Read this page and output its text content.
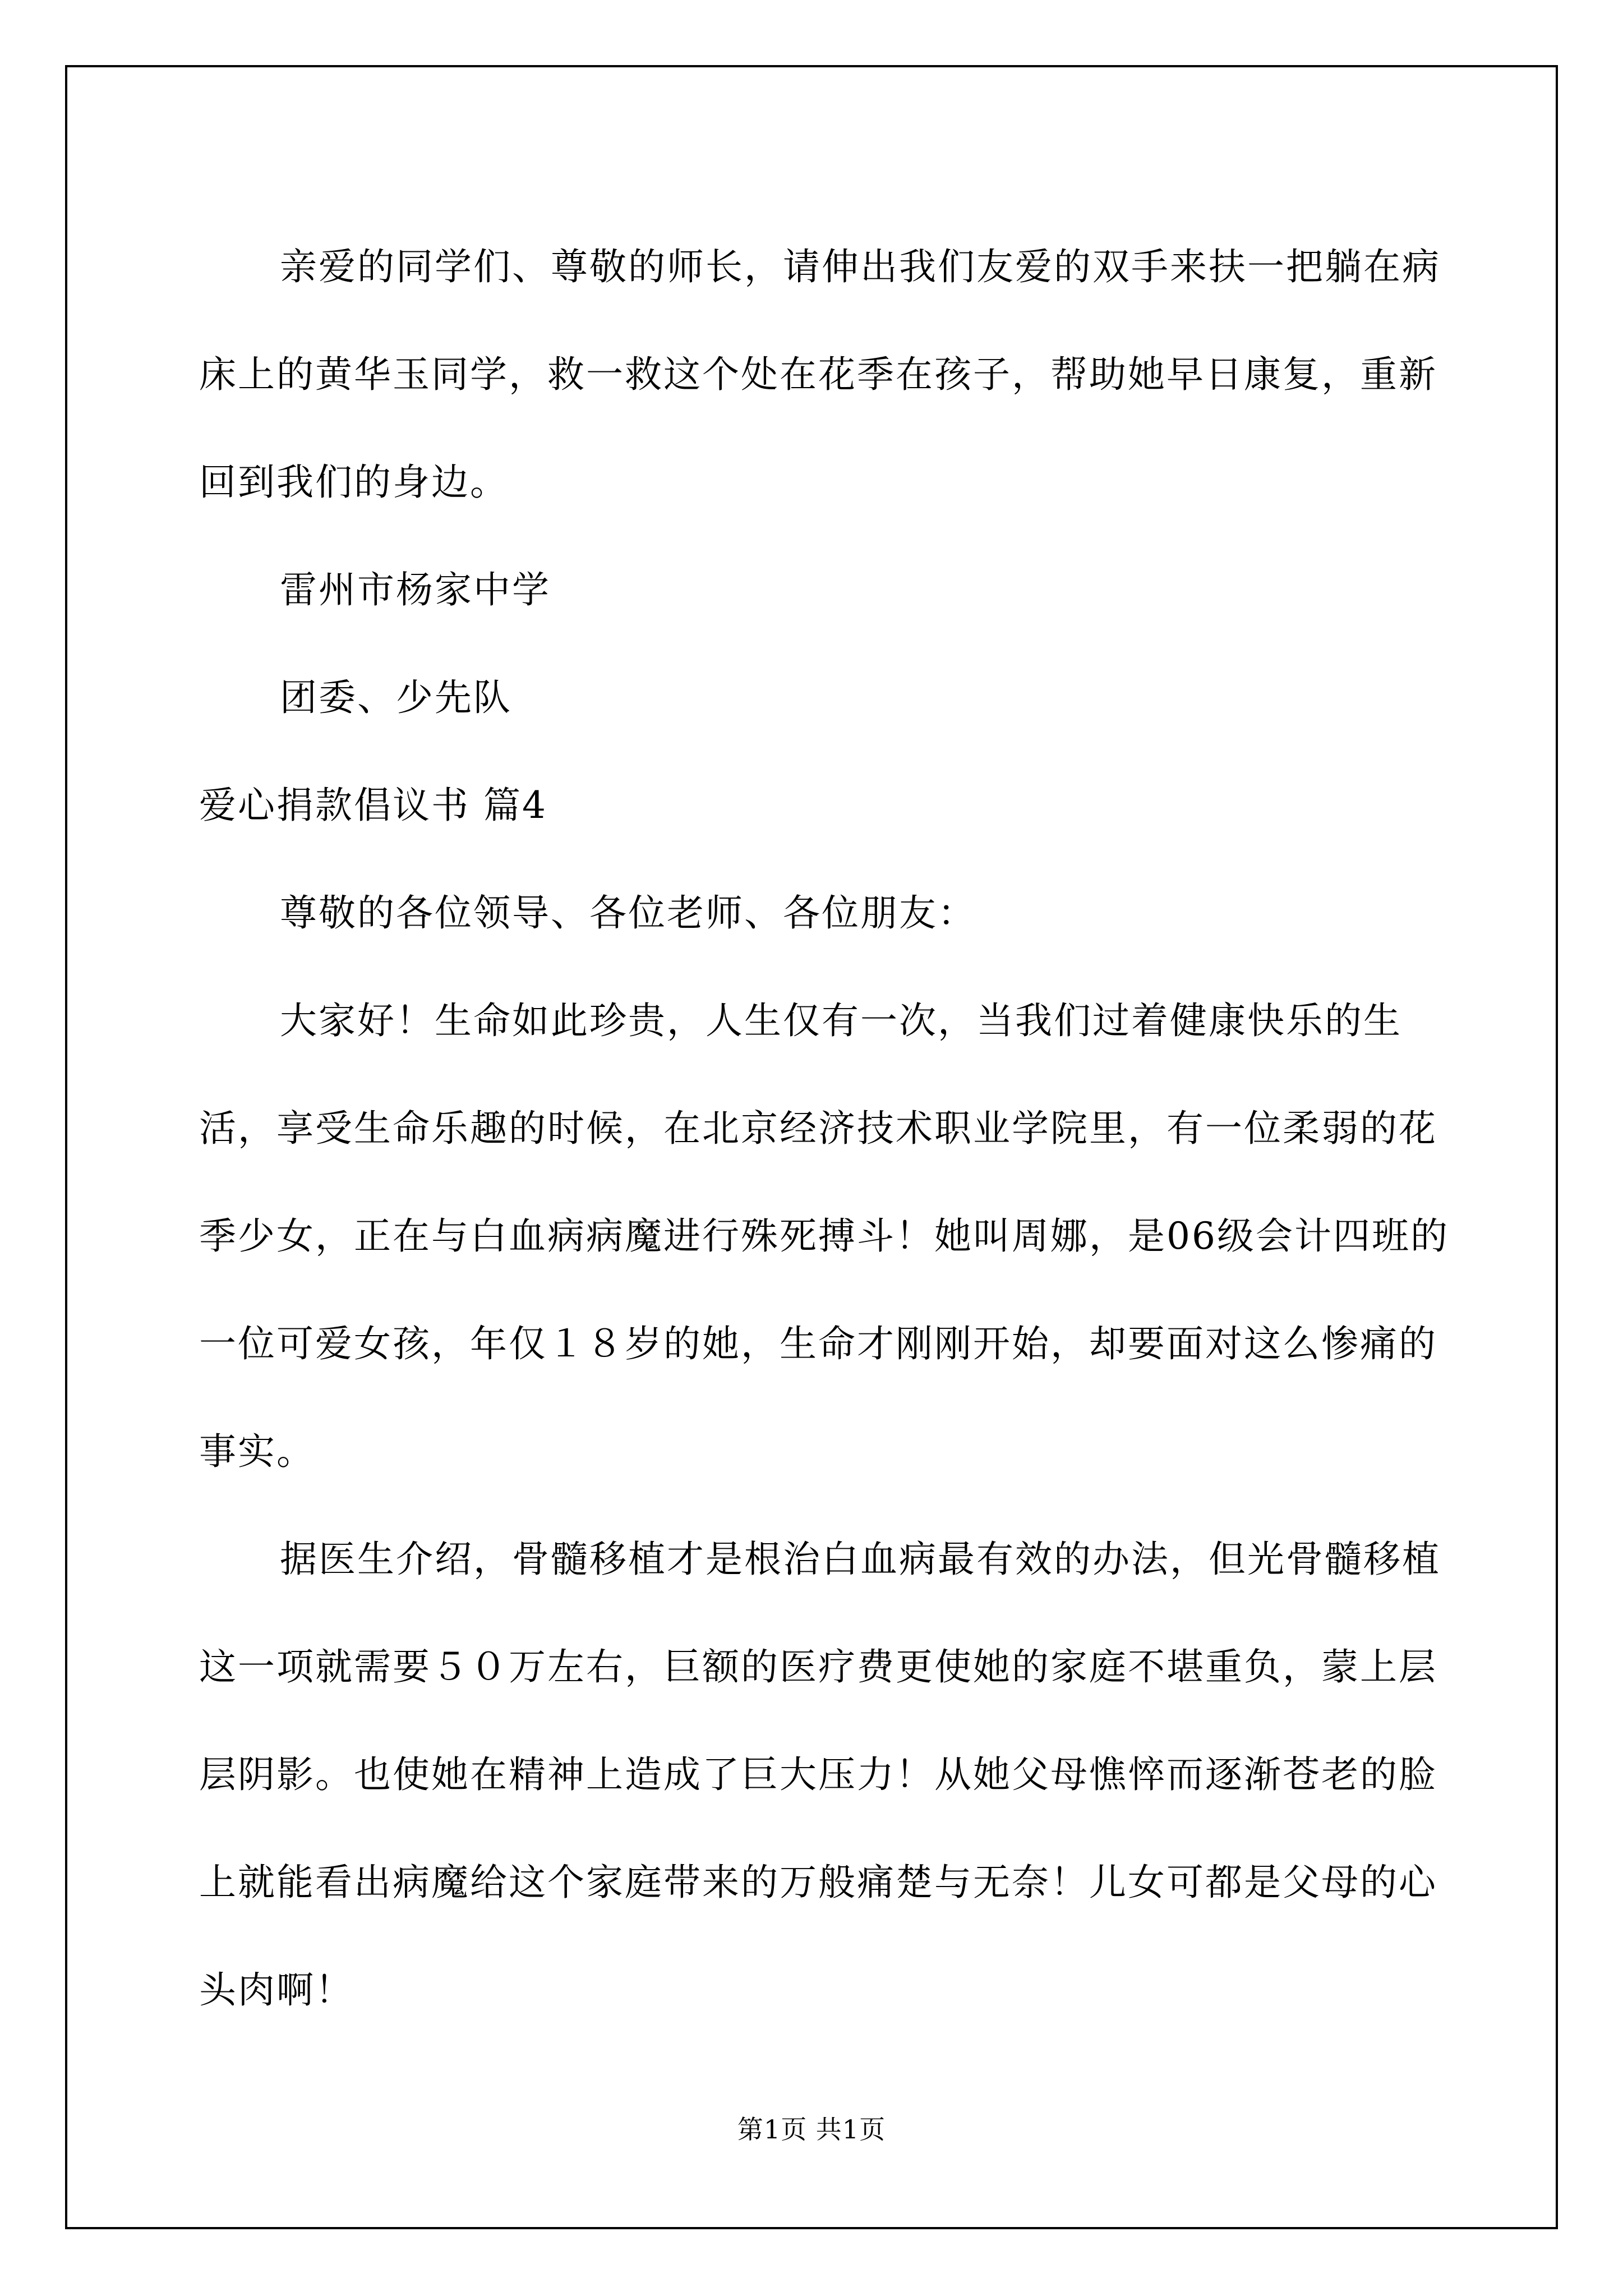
亲爱的同学们、尊敬的师长，请伸出我们友爱的双手来扶一把躺在病床上的黄华玉同学，救一救这个处在花季在孩子，帮助她早日康复，重新回到我们的身边。

雷州市杨家中学

团委、少先队

爱心捐款倡议书 篇4

尊敬的各位领导、各位老师、各位朋友：

大家好！生命如此珍贵，人生仅有一次，当我们过着健康快乐的生活，享受生命乐趣的时候，在北京经济技术职业学院里，有一位柔弱的花季少女，正在与白血病病魔进行殊死搏斗！她叫周娜，是06级会计四班的一位可爱女孩，年仅１８岁的她，生命才刚刚开始，却要面对这么惨痛的事实。

据医生介绍，骨髓移植才是根治白血病最有效的办法，但光骨髓移植这一项就需要５０万左右，巨额的医疗费更使她的家庭不堪重负，蒙上层层阴影。也使她在精神上造成了巨大压力！从她父母憔悴而逐渐苍老的脸上就能看出病魔给这个家庭带来的万般痛楚与无奈！儿女可都是父母的心头肉啊！

第1页 共1页
